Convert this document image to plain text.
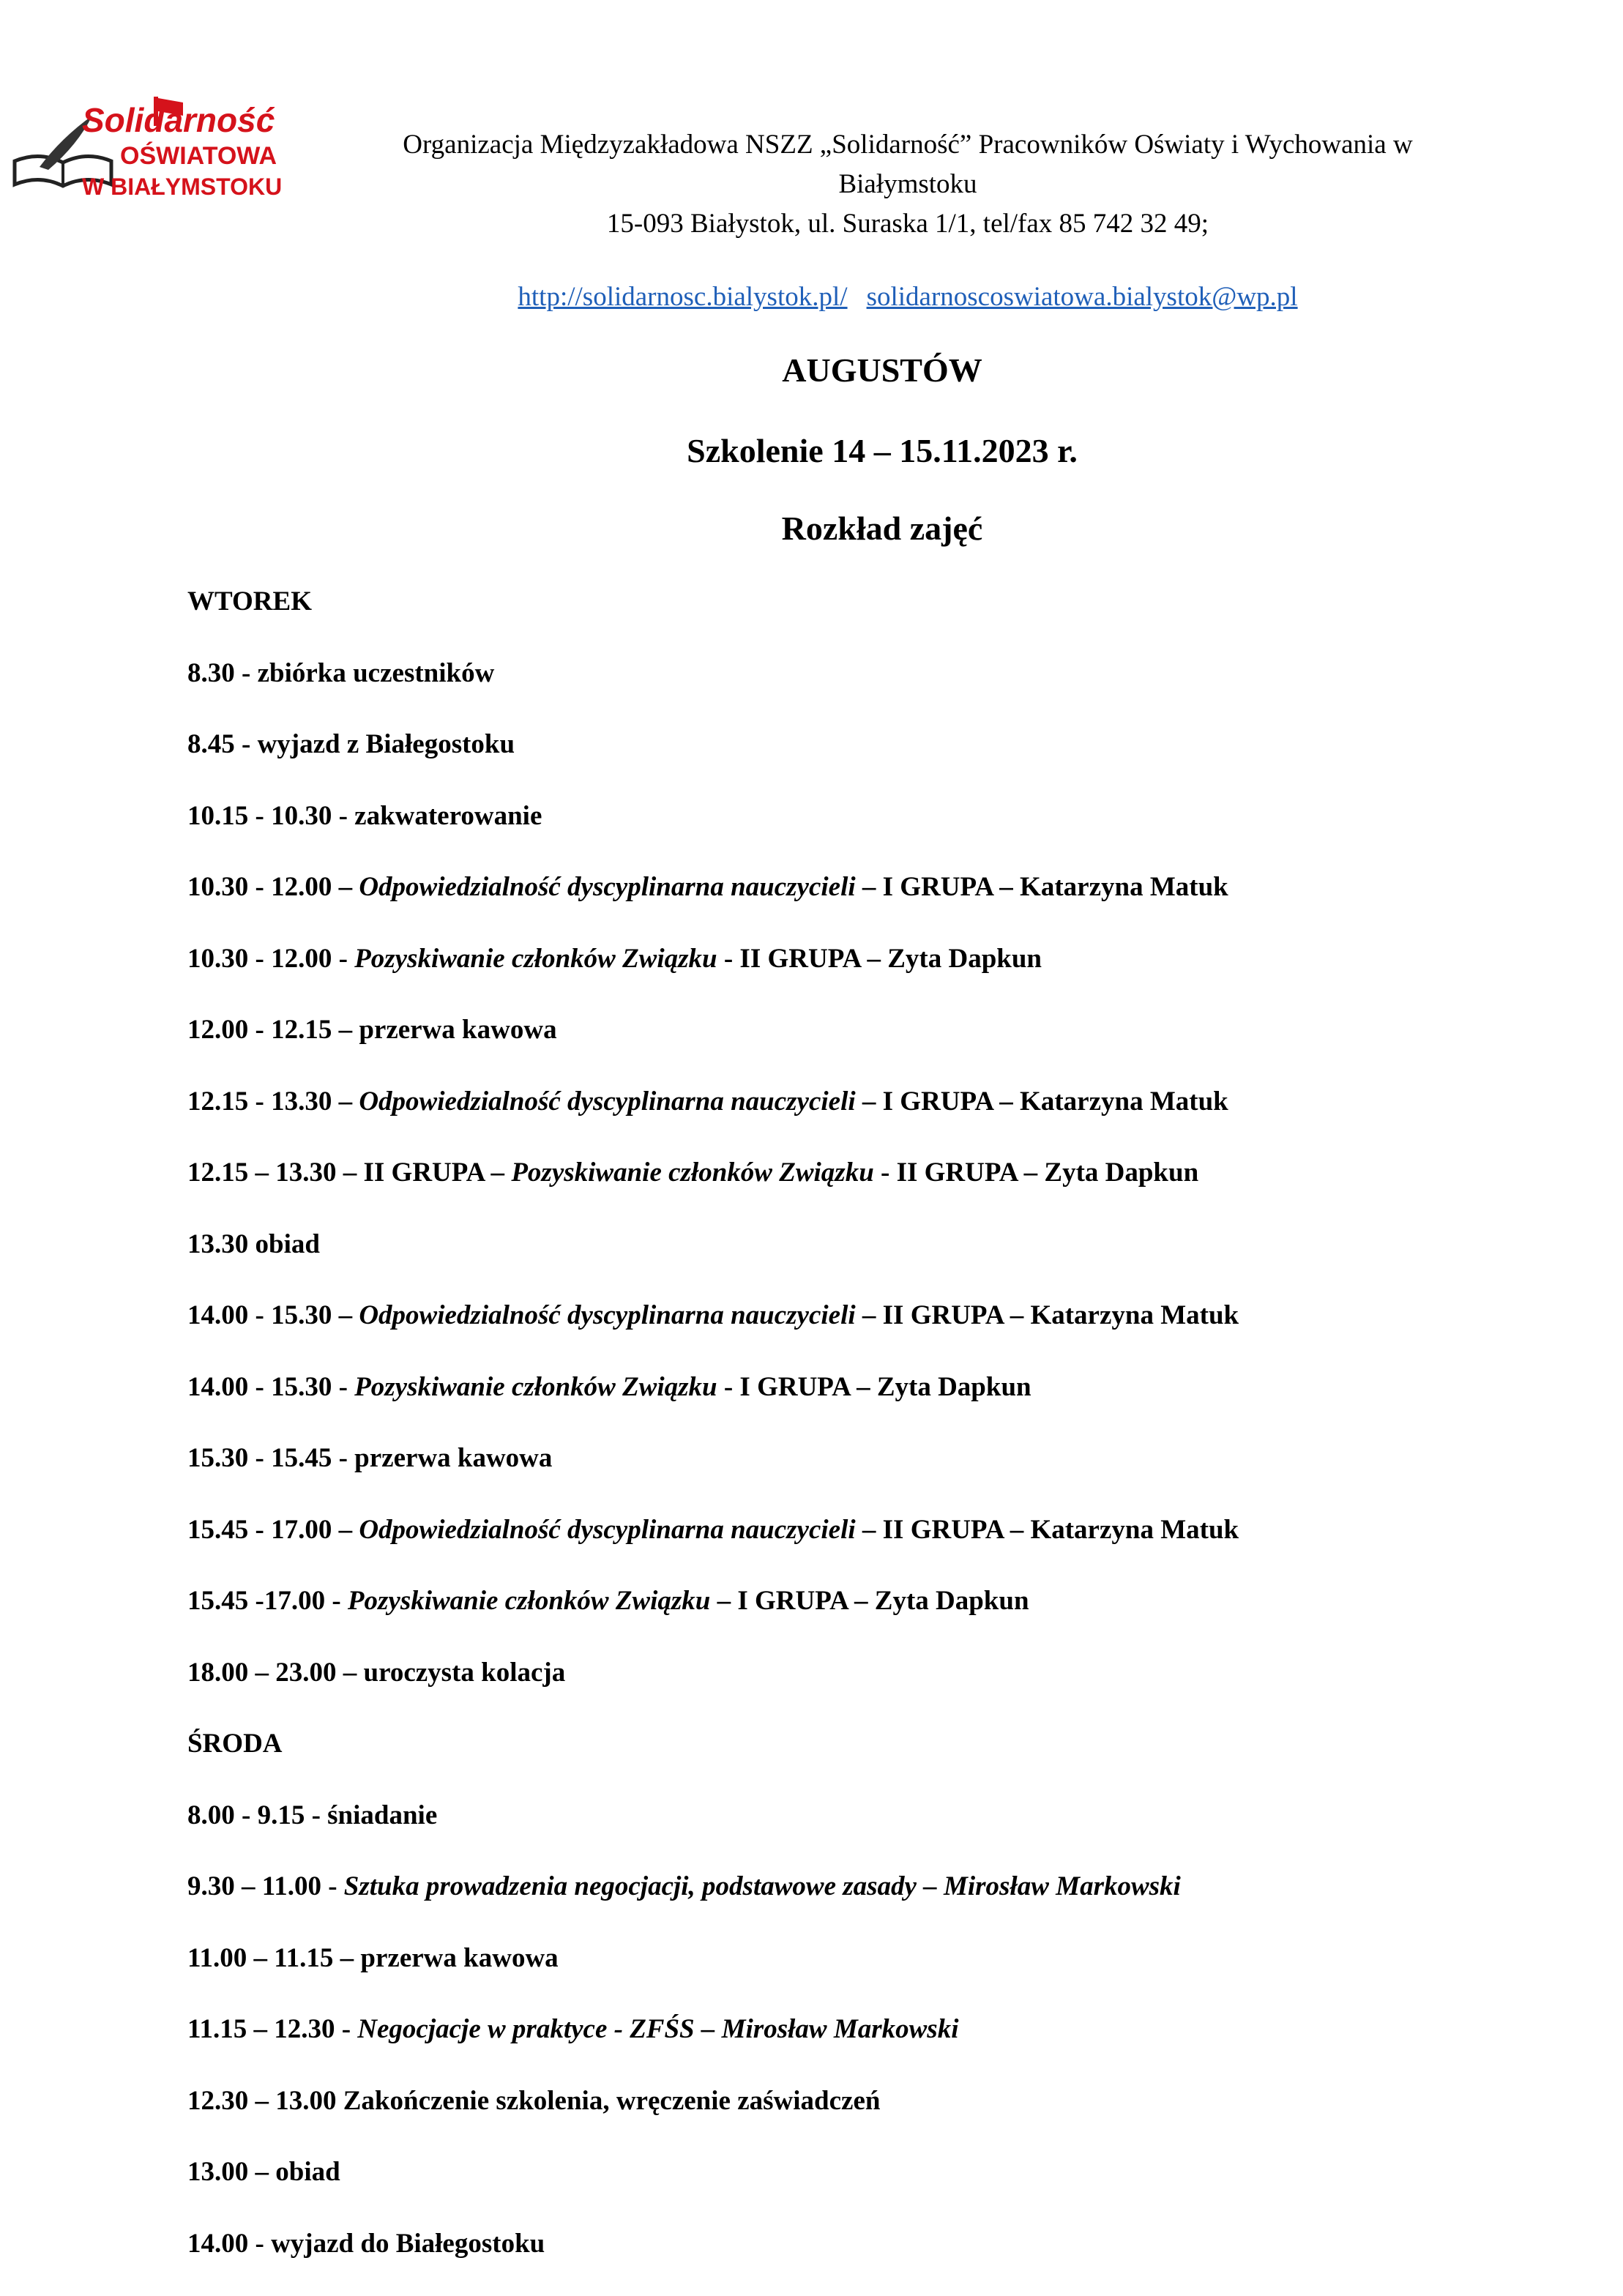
Solidarność
OŚWIATOWA
W BIAŁYMSTOKU
Organizacja Międzyzakładowa NSZZ „Solidarność” Pracowników Oświaty i Wychowania w
Białymstoku
15-093 Białystok, ul. Suraska 1/1, tel/fax 85 742 32 49;
http://solidarnosc.bialystok.pl/ solidarnoscoswiatowa.bialystok@wp.pl
AUGUSTÓW
Szkolenie 14 – 15.11.2023 r.
Rozkład zajęć
WTOREK
8.30 - zbiórka uczestników
8.45 - wyjazd z Białegostoku
10.15 - 10.30 - zakwaterowanie
10.30 - 12.00 – Odpowiedzialność dyscyplinarna nauczycieli – I GRUPA – Katarzyna Matuk
10.30 - 12.00 - Pozyskiwanie członków Związku - II GRUPA – Zyta Dapkun
12.00 - 12.15 – przerwa kawowa
12.15 - 13.30 – Odpowiedzialność dyscyplinarna nauczycieli – I GRUPA – Katarzyna Matuk
12.15 – 13.30 – II GRUPA – Pozyskiwanie członków Związku - II GRUPA – Zyta Dapkun
13.30 obiad
14.00 - 15.30 – Odpowiedzialność dyscyplinarna nauczycieli – II GRUPA – Katarzyna Matuk
14.00 - 15.30 - Pozyskiwanie członków Związku - I GRUPA – Zyta Dapkun
15.30 - 15.45 - przerwa kawowa
15.45 - 17.00 – Odpowiedzialność dyscyplinarna nauczycieli – II GRUPA – Katarzyna Matuk
15.45 -17.00 - Pozyskiwanie członków Związku – I GRUPA – Zyta Dapkun
18.00 – 23.00 – uroczysta kolacja
ŚRODA
8.00 - 9.15 - śniadanie
9.30 – 11.00 - Sztuka prowadzenia negocjacji, podstawowe zasady – Mirosław Markowski
11.00 – 11.15 – przerwa kawowa
11.15 – 12.30 - Negocjacje w praktyce - ZFŚS – Mirosław Markowski
12.30 – 13.00 Zakończenie szkolenia, wręczenie zaświadczeń
13.00 – obiad
14.00 - wyjazd do Białegostoku
